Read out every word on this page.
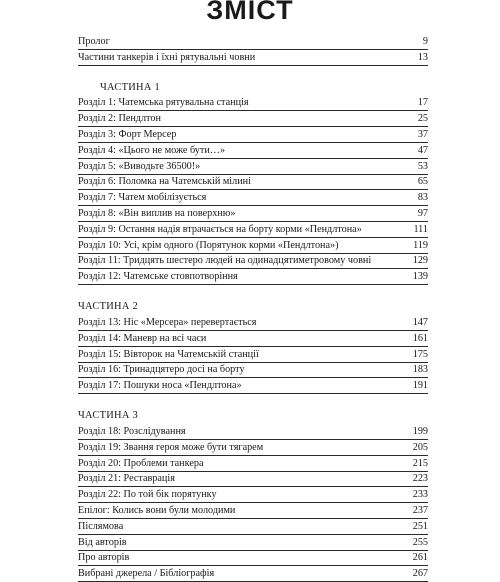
ЗМІСТ
Пролог	9
Частини танкерів і їхні рятувальні човни	13
ЧАСТИНА 1
Розділ 1: Чатемська рятувальна станція	17
Розділ 2: Пендлтон	25
Розділ 3: Форт Мерсер	37
Розділ 4: «Цього не може бути…»	47
Розділ 5: «Виводьте 36500!»	53
Розділ 6: Поломка на Чатемській мілині	65
Розділ 7: Чатем мобілізується	83
Розділ 8: «Він виплив на поверхню»	97
Розділ 9: Остання надія втрачається на борту корми «Пендлтона»	111
Розділ 10: Усі, крім одного (Порятунок корми «Пендлтона»)	119
Розділ 11: Тридцять шестеро людей на одинадцятиметровому човні	129
Розділ 12: Чатемське стовпотворіння	139
ЧАСТИНА 2
Розділ 13: Ніс «Мерсера» перевертається	147
Розділ 14: Маневр на всі часи	161
Розділ 15: Вівторок на Чатемській станції	175
Розділ 16: Тринадцятеро досі на борту	183
Розділ 17: Пошуки носа «Пендлтона»	191
ЧАСТИНА 3
Розділ 18: Розслідування	199
Розділ 19: Звання героя може бути тягарем	205
Розділ 20: Проблеми танкера	215
Розділ 21: Реставрація	223
Розділ 22: По той бік порятунку	233
Епілог: Колись вони були молодими	237
Післямова	251
Від авторів	255
Про авторів	261
Вибрані джерела / Бібліографія	267
